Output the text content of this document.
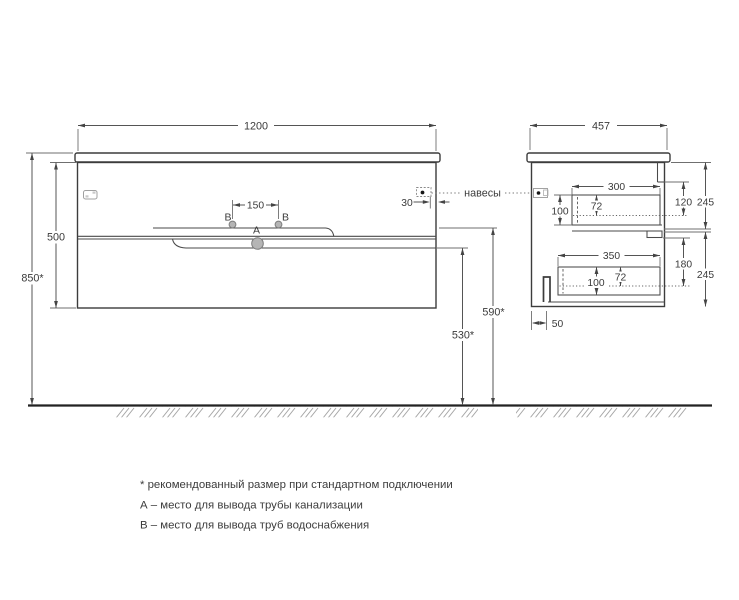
B	B
A
навесы
1200
500
850*
150	30
590*
530*
457
300
100 72	120 245
350
100
72
180
245
50
* рекомендованный размер при стандартном подключении
А – место для вывода трубы канализации
В – место для вывода труб водоснабжения
